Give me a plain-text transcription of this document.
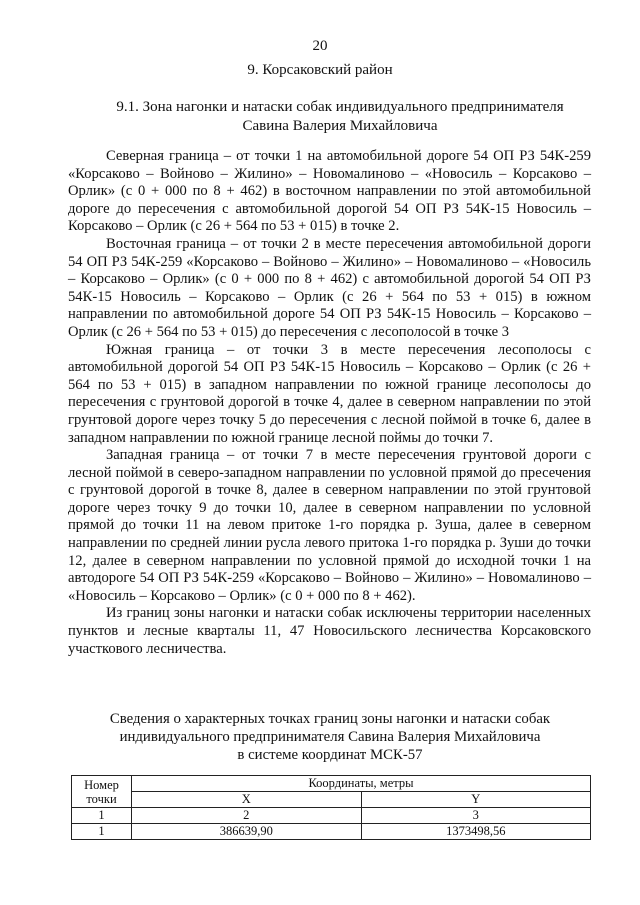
20
9. Корсаковский район
9.1. Зона нагонки и натаски собак индивидуального предпринимателя
Савина Валерия Михайловича

Северная граница – от точки 1 на автомобильной дороге 54 ОП РЗ 54К-259 «Корсаково – Войново – Жилино» – Новомалиново – «Новосиль – Корсаково – Орлик» (с 0 + 000 по 8 + 462) в восточном направлении по этой автомобильной дороге до пересечения с автомобильной дорогой 54 ОП РЗ 54К-15 Новосиль – Корсаково – Орлик (с 26 + 564 по 53 + 015) в точке 2.

Восточная граница – от точки 2 в месте пересечения автомобильной дороги 54 ОП РЗ 54К-259 «Корсаково – Войново – Жилино» – Новомалиново – «Новосиль – Корсаково – Орлик» (с 0 + 000 по 8 + 462) с автомобильной дорогой 54 ОП РЗ 54К-15 Новосиль – Корсаково – Орлик (с 26 + 564 по 53 + 015) в южном направлении по автомобильной дороге 54 ОП РЗ 54К-15 Новосиль – Корсаково – Орлик (с 26 + 564 по 53 + 015) до пересечения с лесополосой в точке 3

Южная граница – от точки 3 в месте пересечения лесополосы с автомобильной дорогой 54 ОП РЗ 54К-15 Новосиль – Корсаково – Орлик (с 26 + 564 по 53 + 015) в западном направлении по южной границе лесополосы до пересечения с грунтовой дорогой в точке 4, далее в северном направлении по этой грунтовой дороге через точку 5 до пересечения с лесной поймой в точке 6, далее в западном направлении по южной границе лесной поймы до точки 7.

Западная граница – от точки 7 в месте пересечения грунтовой дороги с лесной поймой в северо-западном направлении по условной прямой до пресечения с грунтовой дорогой в точке 8, далее в северном направлении по этой грунтовой дороге через точку 9 до точки 10, далее в северном направлении по условной прямой до точки 11 на левом притоке 1-го порядка р. Зуша, далее в северном направлении по средней линии русла левого притока 1-го порядка р. Зуши до точки 12, далее в северном направлении по условной прямой до исходной точки 1 на автодороге 54 ОП РЗ 54К-259 «Корсаково – Войново – Жилино» – Новомалиново – «Новосиль – Корсаково – Орлик» (с 0 + 000 по 8 + 462).

Из границ зоны нагонки и натаски собак исключены территории населенных пунктов и лесные кварталы 11, 47 Новосильского лесничества Корсаковского участкового лесничества.

Сведения о характерных точках границ зоны нагонки и натаски собак
индивидуального предпринимателя Савина Валерия Михайловича
в системе координат МСК-57
Номер точки	Координаты, метры	
	X	Y
1	2	3
1	386639,90	1373498,56
